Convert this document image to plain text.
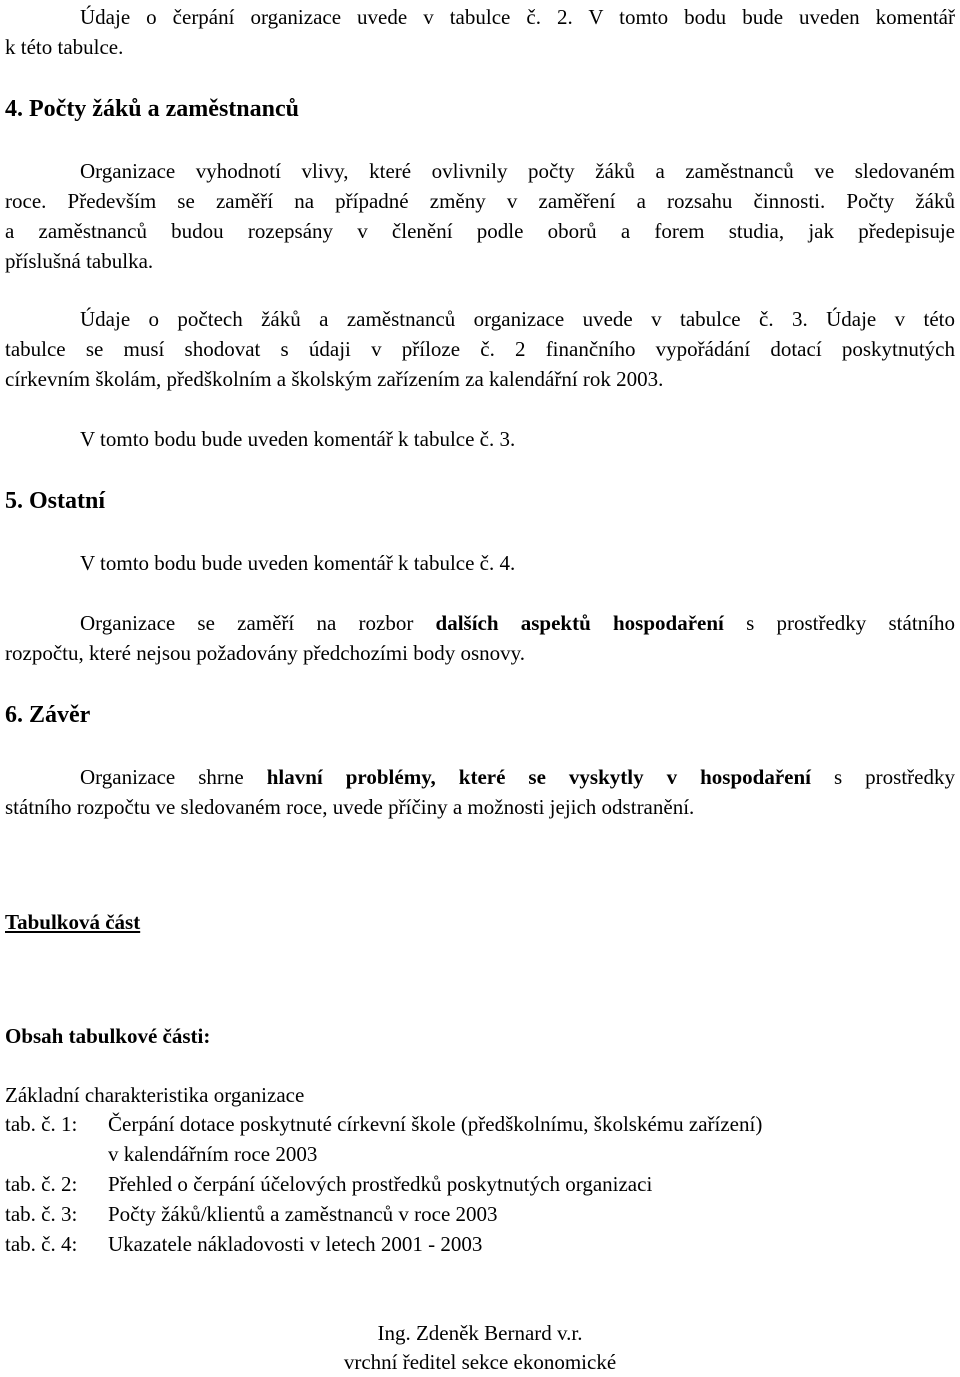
Údaje o čerpání organizace uvede v tabulce č. 2. V tomto bodu bude uveden komentář
k této tabulce.
4. Počty žáků a zaměstnanců
Organizace vyhodnotí vlivy, které ovlivnily počty žáků a zaměstnanců ve sledovaném
roce. Především se zaměří na případné změny v zaměření a rozsahu činnosti. Počty žáků
a zaměstnanců budou rozepsány v členění podle oborů a forem studia, jak předepisuje
příslušná tabulka.
Údaje o počtech žáků a zaměstnanců organizace uvede v tabulce č. 3. Údaje v této
tabulce se musí shodovat s údaji v příloze č. 2 finančního vypořádání dotací poskytnutých
církevním školám, předškolním a školským zařízením za kalendářní rok 2003.
V tomto bodu bude uveden komentář k tabulce č. 3.
5. Ostatní
V tomto bodu bude uveden komentář k tabulce č. 4.
Organizace se zaměří na rozbor dalších aspektů hospodaření s prostředky státního
rozpočtu, které nejsou požadovány předchozími body osnovy.
6. Závěr
Organizace shrne hlavní problémy, které se vyskytly v hospodaření s prostředky
státního rozpočtu ve sledovaném roce, uvede příčiny a možnosti jejich odstranění.
Tabulková část
Obsah tabulkové části:
Základní charakteristika organizace
tab. č. 1: Čerpání dotace poskytnuté církevní škole (předškolnímu, školskému zařízení)
v kalendářním roce 2003
tab. č. 2: Přehled o čerpání účelových prostředků poskytnutých organizaci
tab. č. 3: Počty žáků/klientů a zaměstnanců v roce 2003
tab. č. 4: Ukazatele nákladovosti v letech 2001 - 2003
Ing. Zdeněk Bernard v.r.
vrchní ředitel sekce ekonomické
